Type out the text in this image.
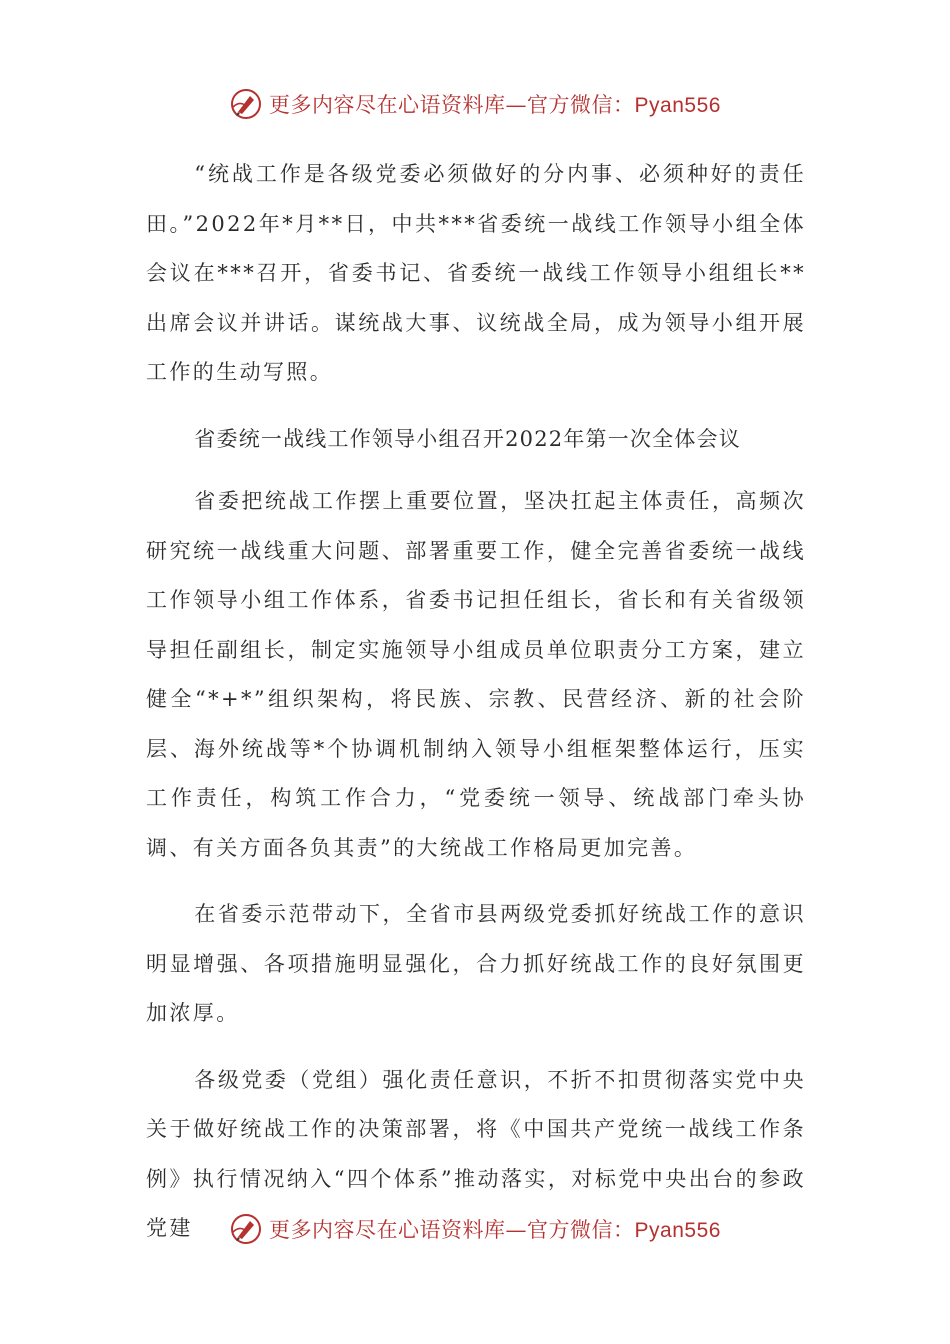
更多内容尽在心语资料库—官方微信：Pyan556

“统战工作是各级党委必须做好的分内事、必须种好的责任田。”2022年*月**日，中共***省委统一战线工作领导小组全体会议在***召开，省委书记、省委统一战线工作领导小组组长**出席会议并讲话。谋统战大事、议统战全局，成为领导小组开展工作的生动写照。

省委统一战线工作领导小组召开2022年第一次全体会议

省委把统战工作摆上重要位置，坚决扛起主体责任，高频次研究统一战线重大问题、部署重要工作，健全完善省委统一战线工作领导小组工作体系，省委书记担任组长，省长和有关省级领导担任副组长，制定实施领导小组成员单位职责分工方案，建立健全“*+*”组织架构，将民族、宗教、民营经济、新的社会阶层、海外统战等*个协调机制纳入领导小组框架整体运行，压实工作责任，构筑工作合力，“党委统一领导、统战部门牵头协调、有关方面各负其责”的大统战工作格局更加完善。

在省委示范带动下，全省市县两级党委抓好统战工作的意识明显增强、各项措施明显强化，合力抓好统战工作的良好氛围更加浓厚。

各级党委（党组）强化责任意识，不折不扣贯彻落实党中央关于做好统战工作的决策部署，将《中国共产党统一战线工作条例》执行情况纳入“四个体系”推动落实，对标党中央出台的参政党建	更多内容尽在心语资料库—官方微信：Pyan556
